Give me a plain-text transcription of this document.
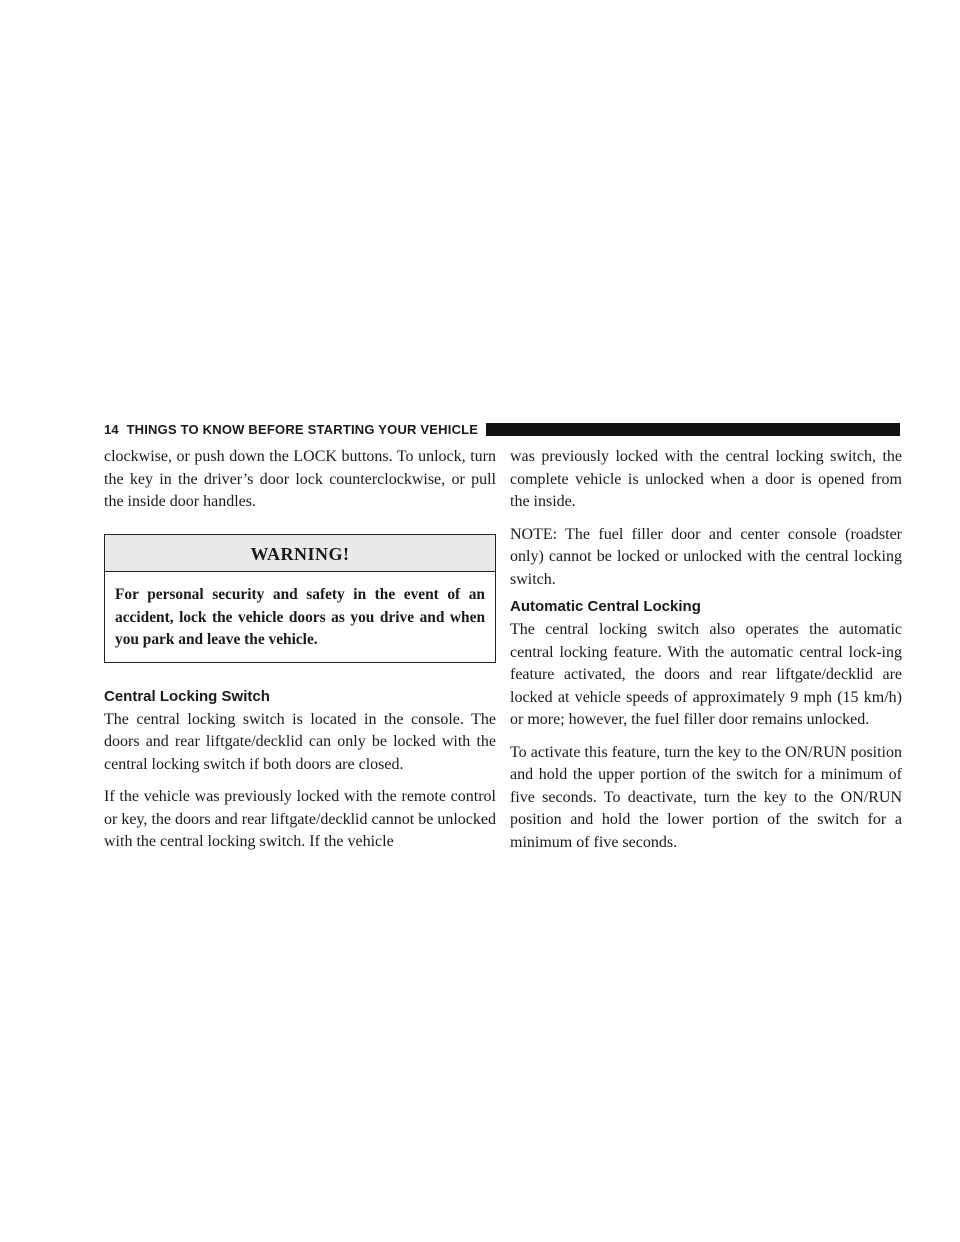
14 THINGS TO KNOW BEFORE STARTING YOUR VEHICLE

clockwise, or push down the LOCK buttons. To unlock, turn the key in the driver’s door lock counterclockwise, or pull the inside door handles.

WARNING!
For personal security and safety in the event of an accident, lock the vehicle doors as you drive and when you park and leave the vehicle.
Central Locking Switch

The central locking switch is located in the console. The doors and rear liftgate/decklid can only be locked with the central locking switch if both doors are closed.

If the vehicle was previously locked with the remote control or key, the doors and rear liftgate/decklid cannot be unlocked with the central locking switch. If the vehicle

was previously locked with the central locking switch, the complete vehicle is unlocked when a door is opened from the inside.

NOTE: The fuel filler door and center console (roadster only) cannot be locked or unlocked with the central locking switch.

Automatic Central Locking

The central locking switch also operates the automatic central locking feature. With the automatic central lock-ing feature activated, the doors and rear liftgate/decklid are locked at vehicle speeds of approximately 9 mph (15 km/h) or more; however, the fuel filler door remains unlocked.

To activate this feature, turn the key to the ON/RUN position and hold the upper portion of the switch for a minimum of five seconds. To deactivate, turn the key to the ON/RUN position and hold the lower portion of the switch for a minimum of five seconds.
